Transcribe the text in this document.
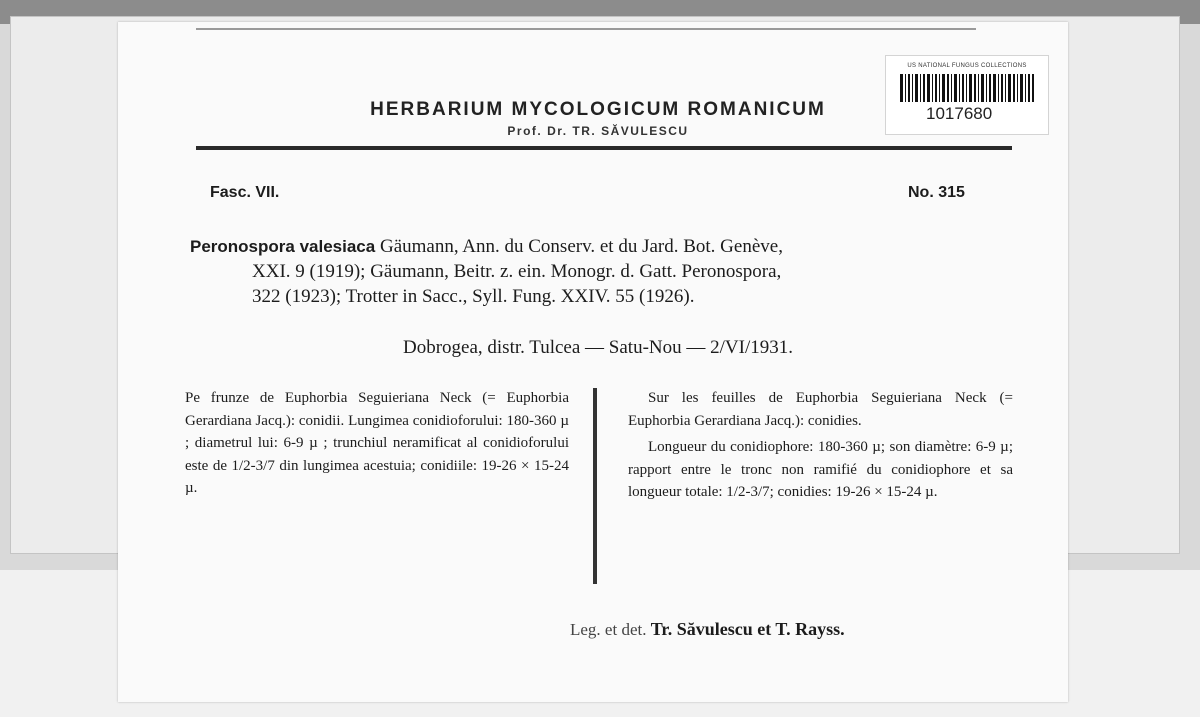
HERBARIUM MYCOLOGICUM ROMANICUM
Prof. Dr. TR. SĂVULESCU
Fasc. VII.	No. 315
Peronospora valesiaca Gäumann, Ann. du Conserv. et du Jard. Bot. Genève,
XXI. 9 (1919); Gäumann, Beitr. z. ein. Monogr. d. Gatt. Peronospora,
322 (1923); Trotter in Sacc., Syll. Fung. XXIV. 55 (1926).
Dobrogea, distr. Tulcea — Satu-Nou — 2/VI/1931.

Pe frunze de Euphorbia Seguieriana Neck (= Euphorbia Gerardiana Jacq.): conidii. Lungimea conidioforului: 180-360 µ ; diametrul lui: 6-9 µ ; trunchiul neramificat al conidioforului este de 1/2-3/7 din lungimea acestuia; conidiile: 19-26 × 15-24 µ.

Sur les feuilles de Euphorbia Seguieriana Neck (= Euphorbia Gerardiana Jacq.): conidies.

Longueur du conidiophore: 180-360 µ; son diamètre: 6-9 µ; rapport entre le tronc non ramifié du conidiophore et sa longueur totale: 1/2-3/7; conidies: 19-26 × 15-24 µ.

Leg. et det. Tr. Săvulescu et T. Rayss.
US NATIONAL FUNGUS COLLECTIONS
1017680
